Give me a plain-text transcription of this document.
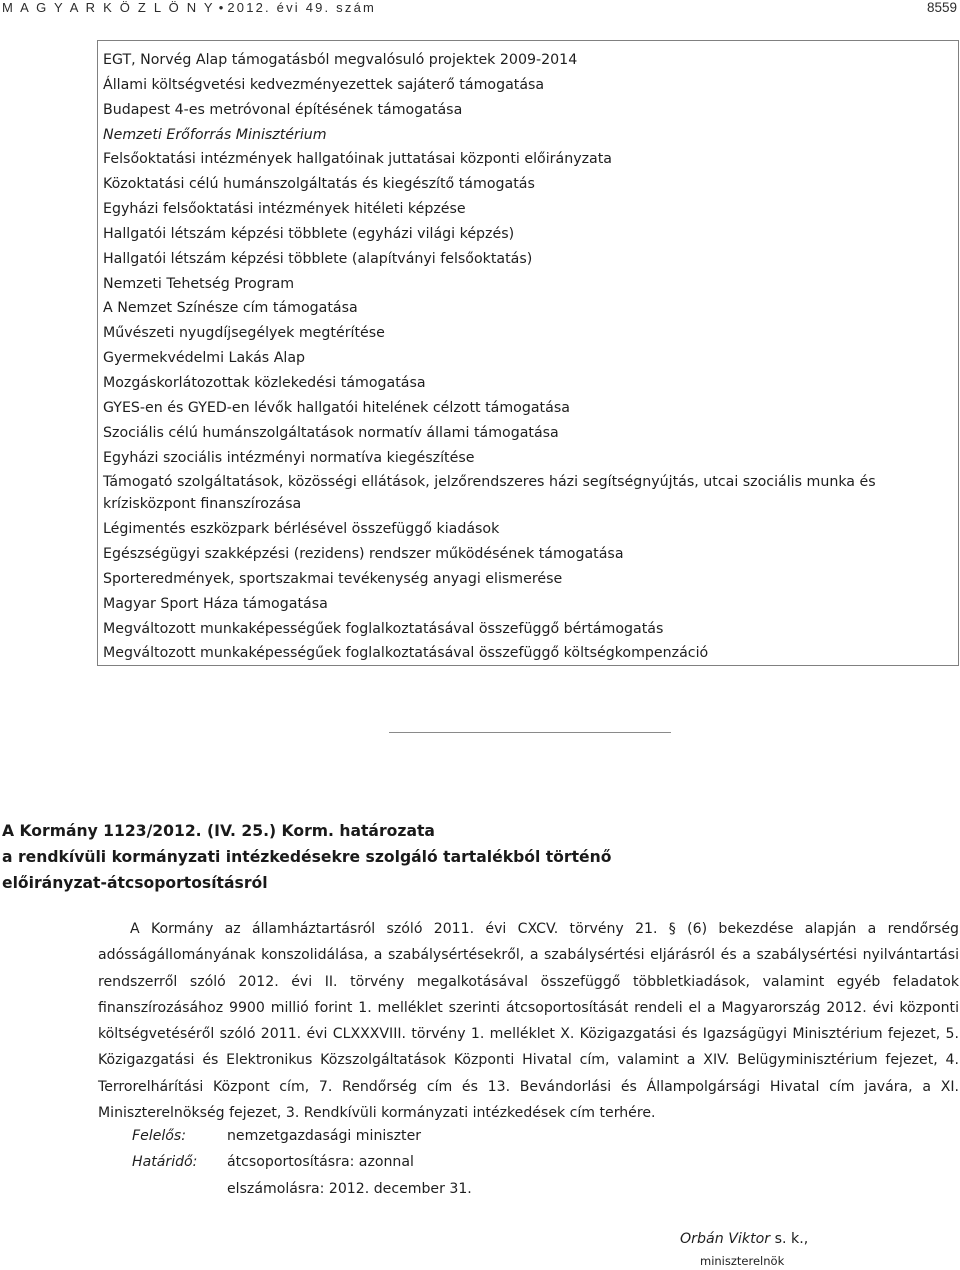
M A G Y A R K Ö Z L Ö N Y • 2012. évi 49. szám	8559
EGT, Norvég Alap támogatásból megvalósuló projektek 2009-2014
Állami költségvetési kedvezményezettek sajáterő támogatása
Budapest 4-es metróvonal építésének támogatása
Nemzeti Erőforrás Minisztérium
Felsőoktatási intézmények hallgatóinak juttatásai központi előirányzata
Közoktatási célú humánszolgáltatás és kiegészítő támogatás
Egyházi felsőoktatási intézmények hitéleti képzése
Hallgatói létszám képzési többlete (egyházi világi képzés)
Hallgatói létszám képzési többlete (alapítványi felsőoktatás)
Nemzeti Tehetség Program
A Nemzet Színésze cím támogatása
Művészeti nyugdíjsegélyek megtérítése
Gyermekvédelmi Lakás Alap
Mozgáskorlátozottak közlekedési támogatása
GYES-en és GYED-en lévők hallgatói hitelének célzott támogatása
Szociális célú humánszolgáltatások normatív állami támogatása
Egyházi szociális intézményi normatíva kiegészítése
Támogató szolgáltatások, közösségi ellátások, jelzőrendszeres házi segítségnyújtás, utcai szociális munka és krízisközpont finanszírozása
Légimentés eszközpark bérlésével összefüggő kiadások
Egészségügyi szakképzési (rezidens) rendszer működésének támogatása
Sporteredmények, sportszakmai tevékenység anyagi elismerése
Magyar Sport Háza támogatása
Megváltozott munkaképességűek foglalkoztatásával összefüggő bértámogatás
Megváltozott munkaképességűek foglalkoztatásával összefüggő költségkompenzáció
A Kormány 1123/2012. (IV. 25.) Korm. határozata
a rendkívüli kormányzati intézkedésekre szolgáló tartalékból történő
előirányzat-átcsoportosításról

A Kormány az államháztartásról szóló 2011. évi CXCV. törvény 21. § (6) bekezdése alapján a rendőrség adósságállományának konszolidálása, a szabálysértésekről, a szabálysértési eljárásról és a szabálysértési nyilvántartási rendszerről szóló 2012. évi II. törvény megalkotásával összefüggő többletkiadások, valamint egyéb feladatok finanszírozásához 9900 millió forint 1. melléklet szerinti átcsoportosítását rendeli el a Magyarország 2012. évi központi költségvetéséről szóló 2011. évi CLXXXVIII. törvény 1. melléklet X. Közigazgatási és Igazságügyi Minisztérium fejezet, 5. Közigazgatási és Elektronikus Közszolgáltatások Központi Hivatal cím, valamint a XIV. Belügyminisztérium fejezet, 4. Terrorelhárítási Központ cím, 7. Rendőrség cím és 13. Bevándorlási és Állampolgársági Hivatal cím javára, a XI. Miniszterelnökség fejezet, 3. Rendkívüli kormányzati intézkedések cím terhére.

Felelős:	nemzetgazdasági miniszter
Határidő:	átcsoportosításra: azonnal
elszámolásra: 2012. december 31.
Orbán Viktor s. k.,
miniszterelnök
